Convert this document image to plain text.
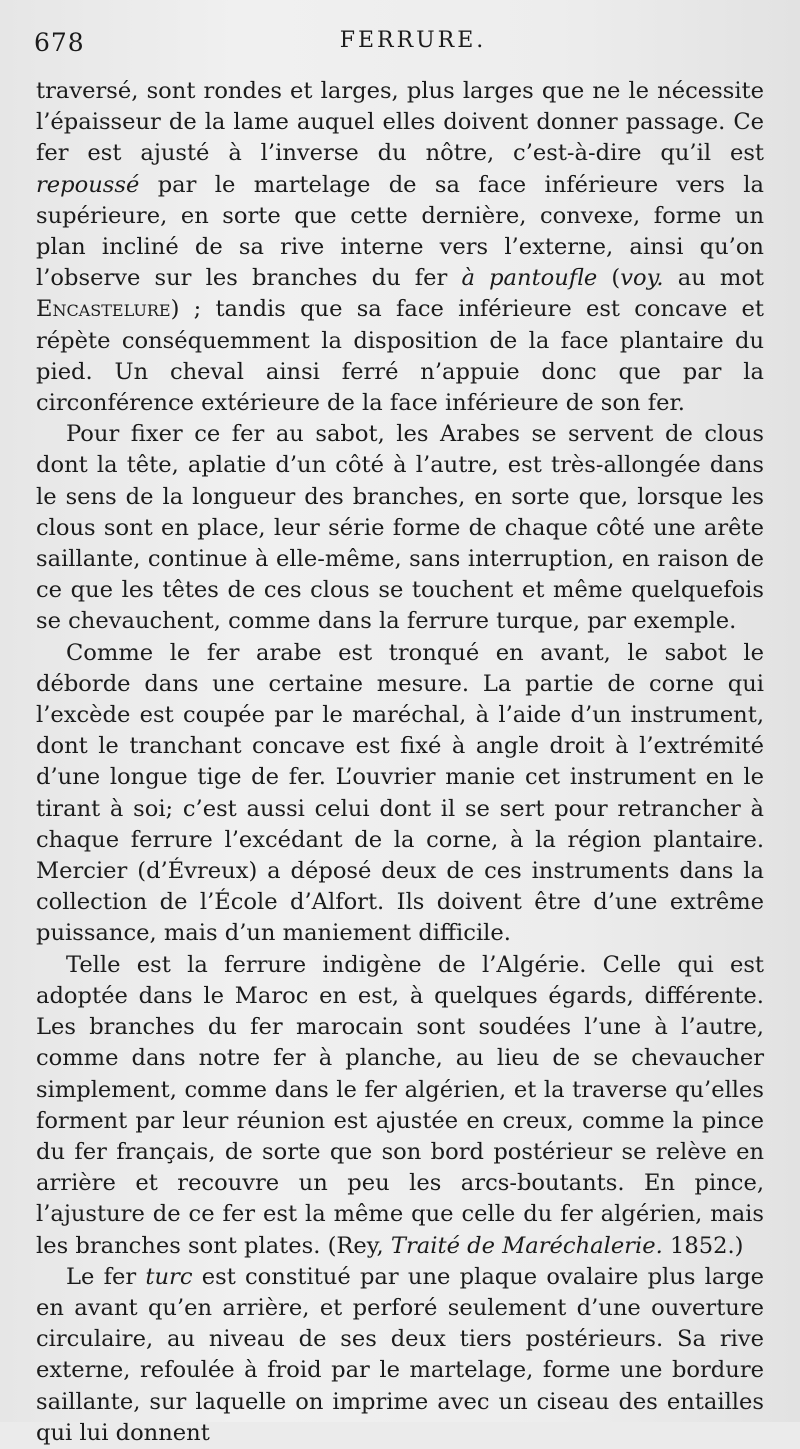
678	FERRURE.

traversé, sont rondes et larges, plus larges que ne le nécessite l’épaisseur de la lame auquel elles doivent donner passage. Ce fer est ajusté à l’inverse du nôtre, c’est-à-dire qu’il est repoussé par le martelage de sa face inférieure vers la supérieure, en sorte que cette dernière, convexe, forme un plan incliné de sa rive interne vers l’externe, ainsi qu’on l’observe sur les branches du fer à pantoufle (voy. au mot Encastelure) ; tandis que sa face inférieure est concave et répète conséquemment la disposition de la face plantaire du pied. Un cheval ainsi ferré n’appuie donc que par la circonférence extérieure de la face inférieure de son fer.

Pour fixer ce fer au sabot, les Arabes se servent de clous dont la tête, aplatie d’un côté à l’autre, est très-allongée dans le sens de la longueur des branches, en sorte que, lorsque les clous sont en place, leur série forme de chaque côté une arête saillante, continue à elle-même, sans interruption, en raison de ce que les têtes de ces clous se touchent et même quelquefois se chevauchent, comme dans la ferrure turque, par exemple.

Comme le fer arabe est tronqué en avant, le sabot le déborde dans une certaine mesure. La partie de corne qui l’excède est coupée par le maréchal, à l’aide d’un instrument, dont le tranchant concave est fixé à angle droit à l’extrémité d’une longue tige de fer. L’ouvrier manie cet instrument en le tirant à soi; c’est aussi celui dont il se sert pour retrancher à chaque ferrure l’excédant de la corne, à la région plantaire. Mercier (d’Évreux) a déposé deux de ces instruments dans la collection de l’École d’Alfort. Ils doivent être d’une extrême puissance, mais d’un maniement difficile.

Telle est la ferrure indigène de l’Algérie. Celle qui est adoptée dans le Maroc en est, à quelques égards, différente. Les branches du fer marocain sont soudées l’une à l’autre, comme dans notre fer à planche, au lieu de se chevaucher simplement, comme dans le fer algérien, et la traverse qu’elles forment par leur réunion est ajustée en creux, comme la pince du fer français, de sorte que son bord postérieur se relève en arrière et recouvre un peu les arcs-boutants. En pince, l’ajusture de ce fer est la même que celle du fer algérien, mais les branches sont plates. (Rey, Traité de Maréchalerie. 1852.)

Le fer turc est constitué par une plaque ovalaire plus large en avant qu’en arrière, et perforé seulement d’une ouverture circulaire, au niveau de ses deux tiers postérieurs. Sa rive externe, refoulée à froid par le martelage, forme une bordure saillante, sur laquelle on imprime avec un ciseau des entailles qui lui donnent
